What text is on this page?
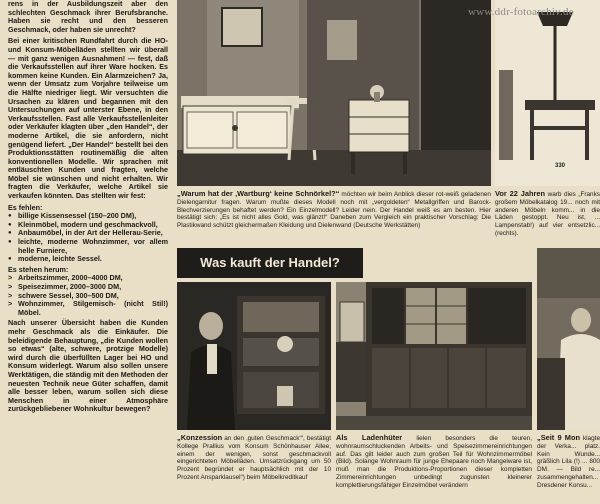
rens in der Ausbildungszeit aber den schlechten Geschmack ihrer Berufsbranche. Haben sie recht und den besseren Geschmack, oder haben sie unrecht?

Bei einer kritischen Rundfahrt durch die HO- und Konsum-Möbelläden stellten wir überall — mit ganz wenigen Ausnahmen! — fest, daß die Verkaufsstellen auf ihrer Ware hocken. Es kommen keine Kunden. Ein Alarmzeichen? Ja, wenn der Umsatz zum Vorjahre teilweise um die Hälfte niedriger liegt. Wir versuchten die Ursachen zu klären und begannen mit den Untersuchungen auf unterster Ebene, in den Verkaufsstellen. Fast alle Verkaufsstellenleiter oder Verkäufer klagten über „den Handel“, der moderne Artikel, die sie anfordern, nicht genügend liefert. „Der Handel“ bestellt bei den Produktionsstätten routinemäßig die alten konventionellen Modelle. Wir sprachen mit entläuschten Kunden und fragten, welche Möbel sie wünschen und nicht erhalten. Wir fragten die Verkäufer, welche Artikel sie verkaufen könnten. Das stellten wir fest:

Es fehlen:
● billige Kissensessel (150–200 DM),
● Kleinmöbel, modern und geschmackvoll,
● Anbaumöbel, in der Art der Hellerau-Serie,
● leichte, moderne Wohnzimmer, vor allem helle Furniere,
● moderne, leichte Sessel.
Es stehen herum:
> Arbeitszimmer, 2000–4000 DM,
> Speisezimmer, 2000–3000 DM,
> schwere Sessel, 300–500 DM,
> Wohnzimmer, Stilgemisch- (nicht Stil!) Möbel.

Nach unserer Übersicht haben die Kunden mehr Geschmack als die Einkäufer. Die beleidigende Behauptung, „die Kunden wollen so etwas“ (alte, schwere, protzige Modelle) wird durch die überfüllten Lager bei HO und Konsum widerlegt. Warum also sollen unsere Werktätigen, die ständig mit den Methoden der neuesten Technik neue Güter schaffen, damit alle besser leben, warum sollen sich diese Menschen in einer Atmosphäre zurückgebliebener Wohnkultur bewegen?

330
www.ddr-fotoarchiv.de
„Warum hat der ‚Wartburg‘ keine Schnörkel?“ möchten wir beim Anblick dieser rot-weiß geladenen Dielengarnitur fragen. Warum mußte dieses Modell noch mit „vergoldeten“ Metallgriffen und Barock-Blechverzierungen behaftet werden? Ein Einzelmodell? Leider nein. Der Handel weiß es am besten. Hier bestätigt sich: „Es ist nicht alles Gold, was glänzt!“ Daneben zum Vergleich ein praktischer Vorschlag: Die Plastikwand schützt gleichermaßen Kleidung und Dielenwand (Deutsche Werkstätten)
Vor 22 Jahren warb dies „Franks großem Möbelkatalog 19... noch mit anderen Möbeln komm... in die Läden gestoppt. Neu ist, ... Lampenstab!) auf vier entsetzlic... (rechts).
Was kauft der Handel?
„Konzession an den ‚guten Geschmack‘“, bestätigt Kollege Prallius vom Konsum Schönhauser Allee, einem der wenigen, sonst geschmackvoll eingerichteten Möbelläden. Umsatzrückgang um 50 Prozent begründet er hauptsächlich mit der 10 Prozent Ansparklausel“) beim Möbelkreditkauf
Als Ladenhüter lielen besonders die teuren, wohnraumschluckenden Arbeits- und Speisezimmereinrichtungen auf. Das gilt leider auch zum großen Teil für Wohnzimmermöbel (Bild). Solange Wohnraum für junge Ehepaare noch Mangelware ist, muß man die Produktions-Proportionen dieser kompletten Zimmereinrichtungen unbedingt zugunsten kleinerer komplettierungsfähiger Einzelmöbel verändern
„Seit 9 Mon klagte der Verka... platz. Kein Wunde... gräßlich Lila (!) ... 800 DM. — Bild re... zusammengehalten... Dresdener Konsu...
